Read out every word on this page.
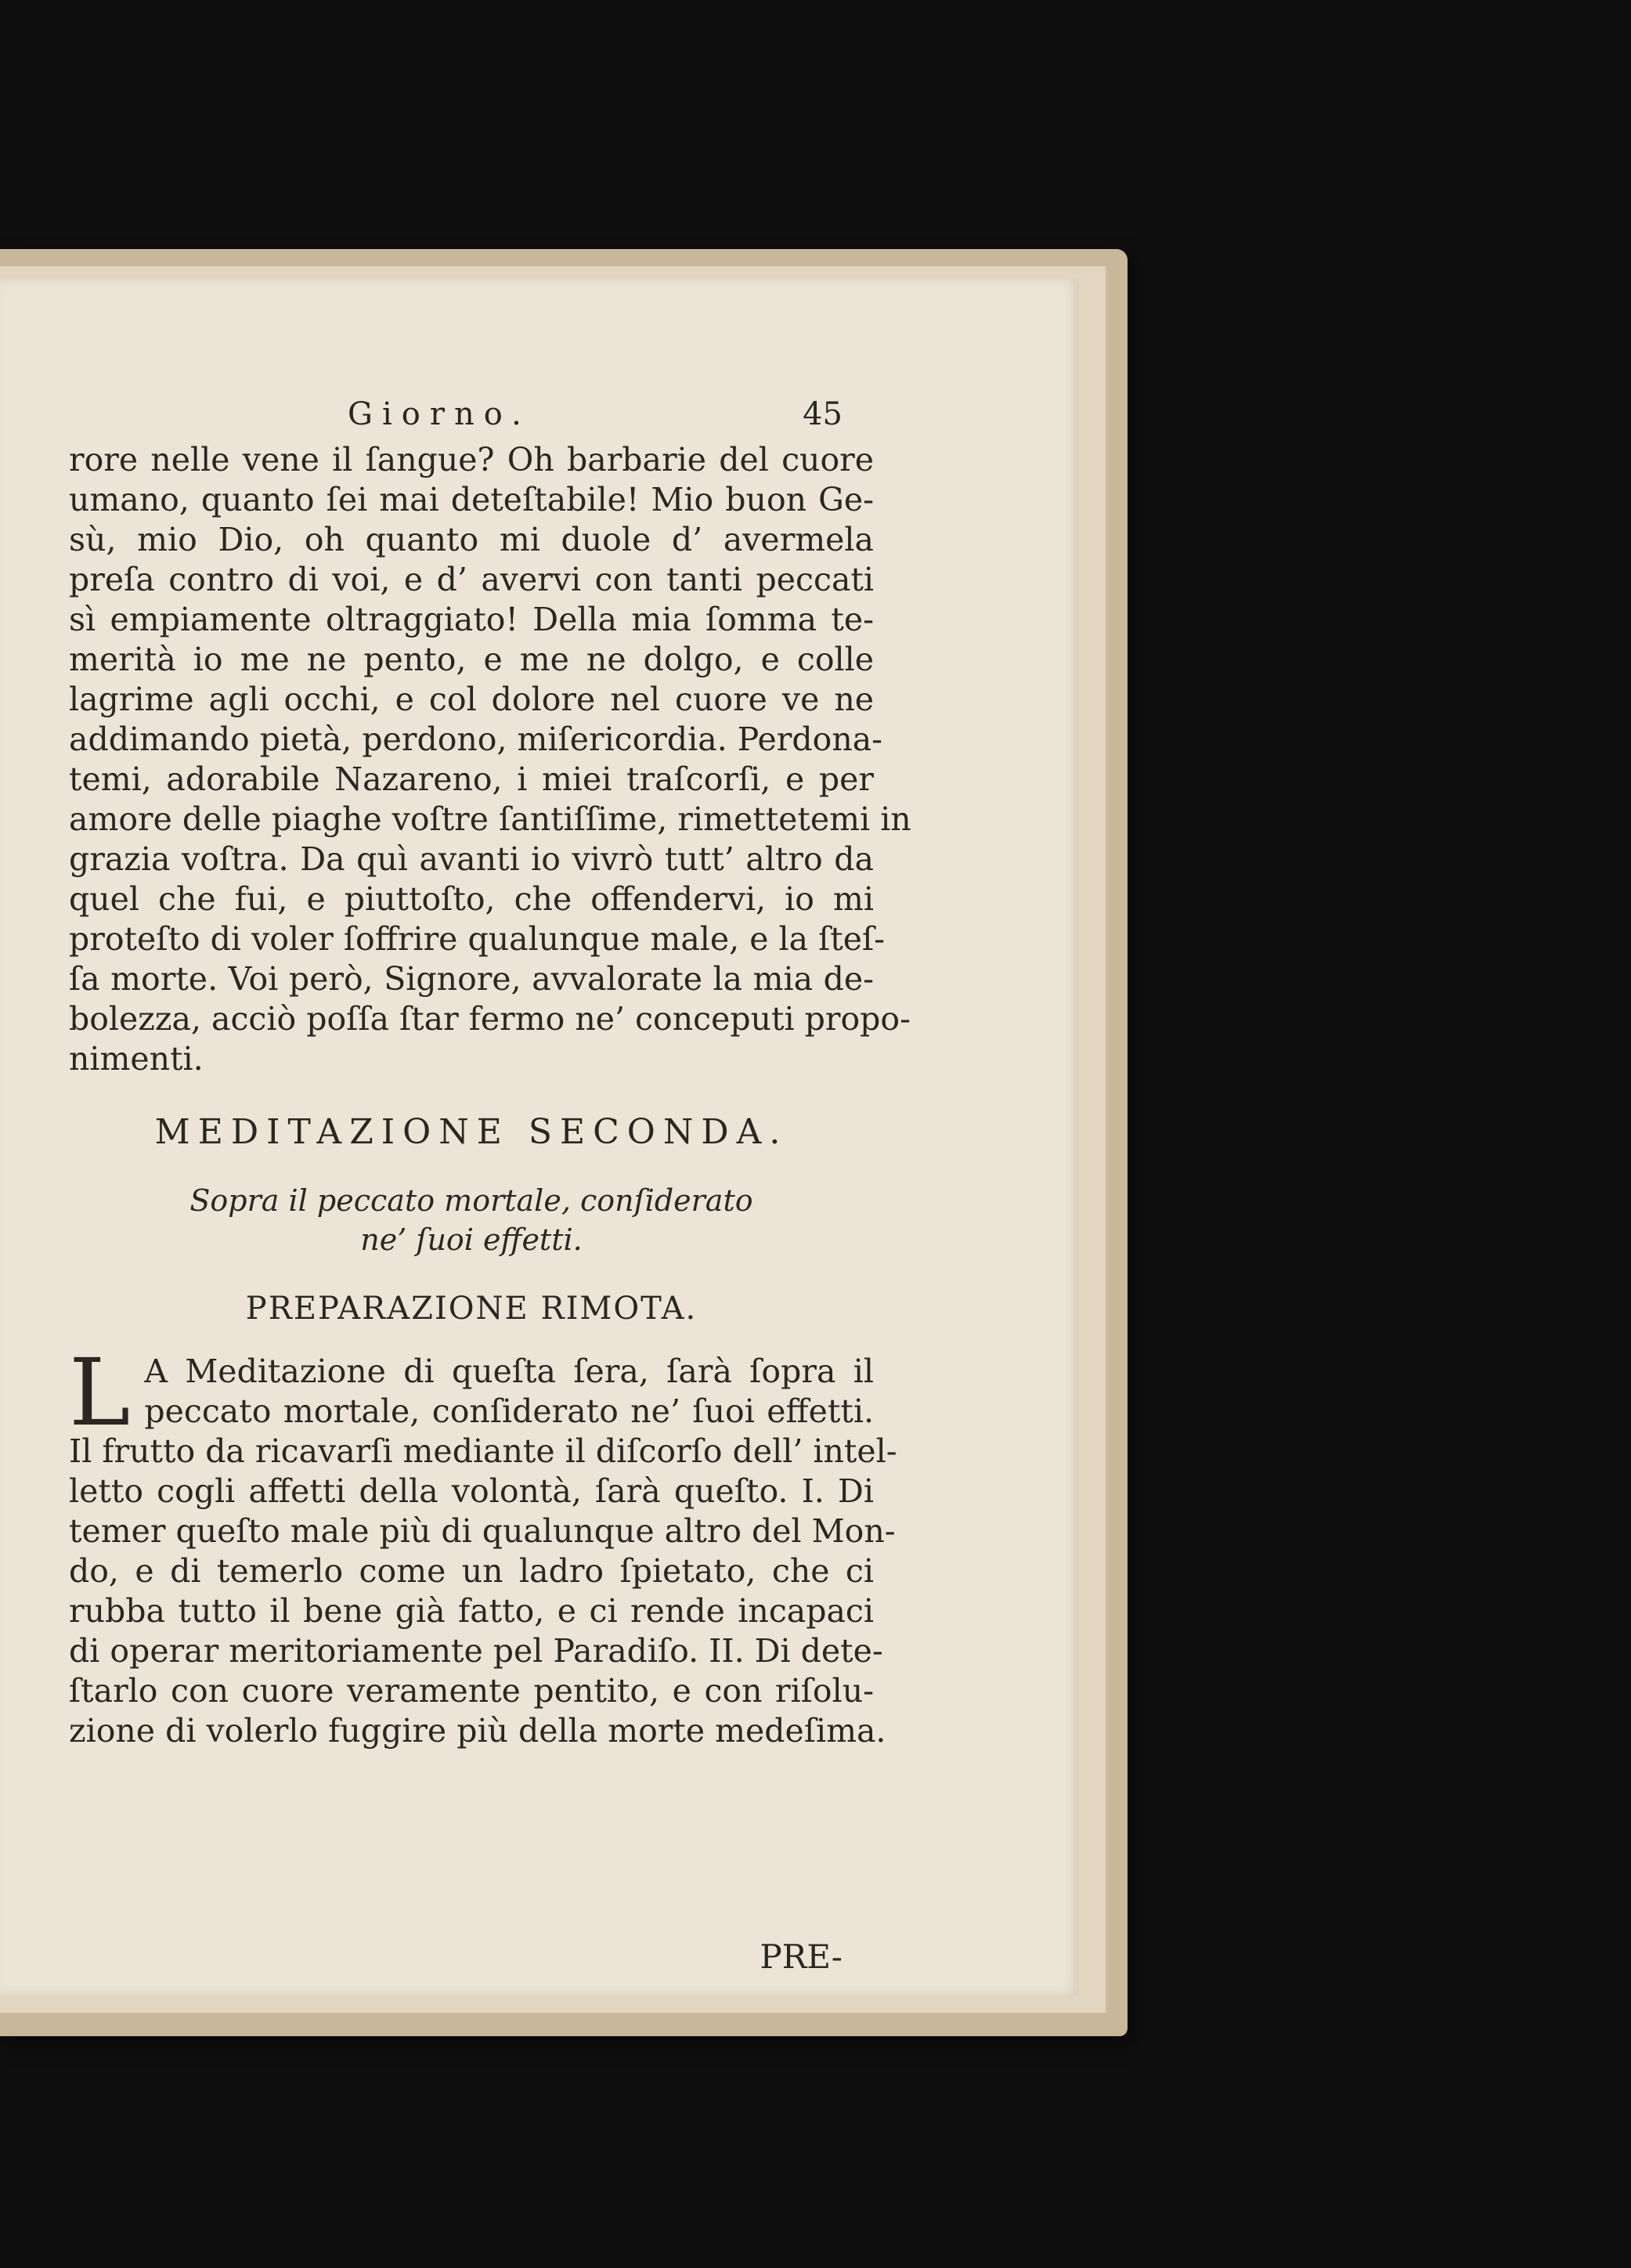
Giorno.	45
rore nelle vene il ſangue? Oh barbarie del cuore
umano, quanto ſei mai deteſtabile! Mio buon Ge-
sù, mio Dio, oh quanto mi duole d’ avermela
preſa contro di voi, e d’ avervi con tanti peccati
sì empiamente oltraggiato! Della mia ſomma te-
merità io me ne pento, e me ne dolgo, e colle
lagrime agli occhi, e col dolore nel cuore ve ne
addimando pietà, perdono, miſericordia. Perdona-
temi, adorabile Nazareno, i miei traſcorſi, e per
amore delle piaghe voſtre ſantiſſime, rimettetemi in
grazia voſtra. Da quì avanti io vivrò tutt’ altro da
quel che fui, e piuttoſto, che offendervi, io mi
proteſto di voler ſoffrire qualunque male, e la ſteſ-
ſa morte. Voi però, Signore, avvalorate la mia de-
bolezza, acciò poſſa ſtar fermo ne’ conceputi propo-
nimenti.
MEDITAZIONE SECONDA.
Sopra il peccato mortale, conſiderato
ne’ ſuoi effetti.
PREPARAZIONE RIMOTA.
L A Meditazione di queſta ſera, ſarà ſopra il
peccato mortale, conſiderato ne’ ſuoi effetti.
Il frutto da ricavarſi mediante il diſcorſo dell’ intel-
letto cogli affetti della volontà, ſarà queſto. I. Di
temer queſto male più di qualunque altro del Mon-
do, e di temerlo come un ladro ſpietato, che ci
rubba tutto il bene già fatto, e ci rende incapaci
di operar meritoriamente pel Paradiſo. II. Di dete-
ſtarlo con cuore veramente pentito, e con riſolu-
zione di volerlo fuggire più della morte medeſima.
PRE-
